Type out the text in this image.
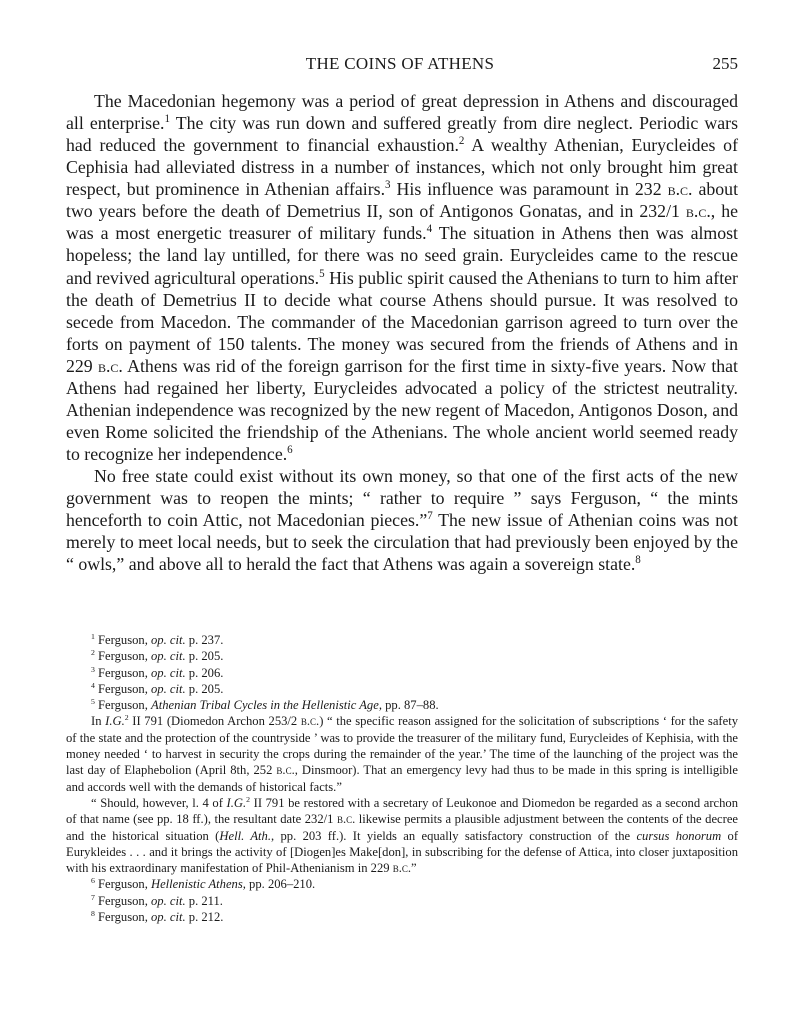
THE COINS OF ATHENS	255

The Macedonian hegemony was a period of great depression in Athens and discouraged all enterprise.$^1$ The city was run down and suffered greatly from dire neglect. Periodic wars had reduced the government to financial exhaustion.$^2$ A wealthy Athenian, Eurycleides of Cephisia had alleviated distress in a number of instances, which not only brought him great respect, but prominence in Athenian affairs.$^3$ His influence was paramount in 232 b.c. about two years before the death of Demetrius II, son of Antigonos Gonatas, and in 232/1 b.c., he was a most energetic treasurer of military funds.$^4$ The situation in Athens then was almost hopeless; the land lay untilled, for there was no seed grain. Eurycleides came to the rescue and revived agricultural operations.$^5$ His public spirit caused the Athenians to turn to him after the death of Demetrius II to decide what course Athens should pursue. It was resolved to secede from Macedon. The commander of the Macedonian garrison agreed to turn over the forts on payment of 150 talents. The money was secured from the friends of Athens and in 229 b.c. Athens was rid of the foreign garrison for the first time in sixty-five years. Now that Athens had regained her liberty, Eurycleides advocated a policy of the strictest neutrality. Athenian independence was recognized by the new regent of Macedon, Antigonos Doson, and even Rome solicited the friendship of the Athenians. The whole ancient world seemed ready to recognize her independence.$^6$

No free state could exist without its own money, so that one of the first acts of the new government was to reopen the mints; “ rather to require ” says Ferguson, “ the mints henceforth to coin Attic, not Macedonian pieces.”$^7$ The new issue of Athenian coins was not merely to meet local needs, but to seek the circulation that had previously been enjoyed by the “ owls,” and above all to herald the fact that Athens was again a sovereign state.$^8$

$^1$ Ferguson, op. cit. p. 237.

$^2$ Ferguson, op. cit. p. 205.

$^3$ Ferguson, op. cit. p. 206.

$^4$ Ferguson, op. cit. p. 205.

$^5$ Ferguson, Athenian Tribal Cycles in the Hellenistic Age, pp. 87–88.

In I.G.$^2$ II 791 (Diomedon Archon 253/2 b.c.) “ the specific reason assigned for the solicitation of subscriptions ‘ for the safety of the state and the protection of the countryside ’ was to provide the treasurer of the military fund, Eurycleides of Kephisia, with the money needed ‘ to harvest in security the crops during the remainder of the year.’ The time of the launching of the project was the last day of Elaphebolion (April 8th, 252 b.c., Dinsmoor). That an emergency levy had thus to be made in this spring is intelligible and accords well with the demands of historical facts.”

“ Should, however, l. 4 of I.G.$^2$ II 791 be restored with a secretary of Leukonoe and Diomedon be regarded as a second archon of that name (see pp. 18 ff.), the resultant date 232/1 b.c. likewise permits a plausible adjustment between the contents of the decree and the historical situation (Hell. Ath., pp. 203 ff.). It yields an equally satisfactory construction of the cursus honorum of Eurykleides . . . and it brings the activity of [Diogen]es Make[don], in subscribing for the defense of Attica, into closer juxtaposition with his extraordinary manifestation of Phil-Athenianism in 229 b.c.”

$^6$ Ferguson, Hellenistic Athens, pp. 206–210.

$^7$ Ferguson, op. cit. p. 211.

$^8$ Ferguson, op. cit. p. 212.
